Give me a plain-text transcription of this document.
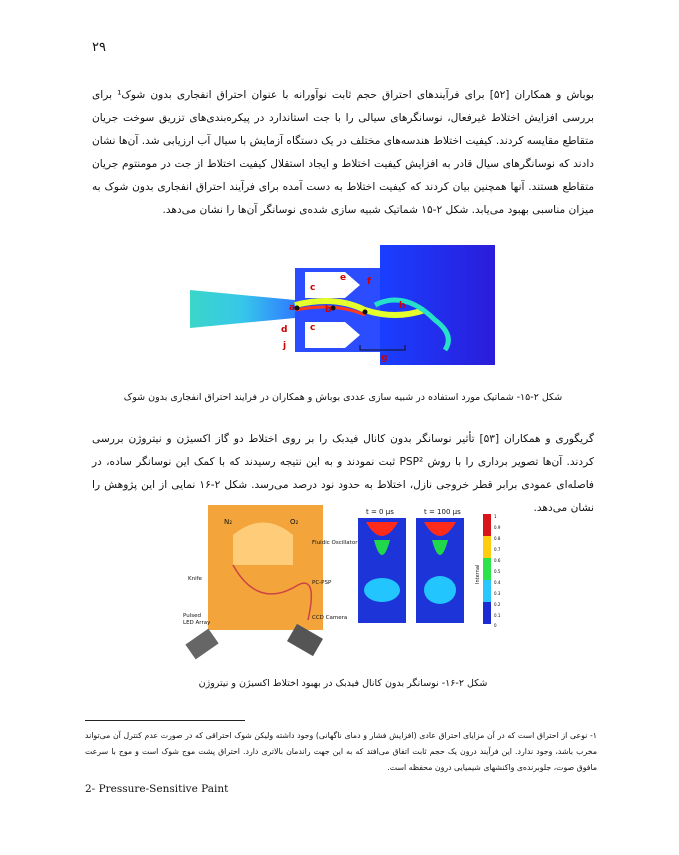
۲۹
بوباش و همکاران [۵۲] برای فرآیندهای احتراق حجم ثابت نوآورانه با عنوان احتراق انفجاری بدون شوک¹ برای بررسی افزایش اختلاط غیرفعال، نوسانگرهای سیالی را با جت استاندارد در پیکره‌بندی‌های تزریق سوخت جریان متقاطع مقایسه کردند. کیفیت اختلاط هندسه‌های مختلف در یک دستگاه آزمایش با سیال آب ارزیابی شد. آن‌ها نشان دادند که نوسانگرهای سیال قادر به افزایش کیفیت اختلاط و ایجاد استقلال کیفیت اختلاط از جت در مومنتوم جریان متقاطع هستند. آنها همچنین بیان کردند که کیفیت اختلاط به دست آمده برای فرآیند احتراق انفجاری بدون شوک به میزان مناسبی بهبود می‌یابد. شکل ۲-۱۵ شماتیک شبیه سازی شده‌ی نوسانگر آن‌ها را نشان می‌دهد.
a	b
c
c
d
e f
g
h
j
شکل ۲-۱۵- شماتیک مورد استفاده در شبیه سازی عددی بوباش و همکاران در فرایند احتراق انفجاری بدون شوک
گریگوری و همکاران [۵۳] تأثیر نوسانگر بدون کانال فیدبک را بر روی اختلاط دو گاز اکسیژن و نیتروژن بررسی کردند. آن‌ها تصویر برداری را با روش PSP² ثبت نمودند و به این نتیجه رسیدند که با کمک این نوسانگر ساده، در فاصله‌ای عمودی برابر قطر خروجی نازل، اختلاط به حدود نود درصد می‌رسد. شکل ۲-۱۶ نمایی از این پژوهش را نشان می‌دهد.
N₂	O₂
Fluidic Oscillator
Knife
PC-PSP
Pulsed
LED Array
CCD Camera
t = 0 µs	t = 100 µs
Internal
1
0.9
0.8
0.7
0.6
0.5
0.4
0.3
0.2
0.1
0
شکل ۲-۱۶- نوسانگر بدون کانال فیدبک در بهبود اختلاط اکسیژن و نیتروژن
۱- نوعی از احتراق است که در آن مزایای احتراق عادی (افزایش فشار و دمای ناگهانی) وجود داشته ولیکن شوک احتراقی که در صورت عدم کنترل آن می‌تواند مخرب باشد، وجود ندارد. این فرآیند درون یک حجم ثابت اتفاق می‌افتد که به این جهت راندمان بالاتری دارد. احتراق پشت موج شوک است و موج با سرعت مافوق صوت، جلوبرنده‌ی واکنشهای شیمیایی درون محفظه است.
2- Pressure-Sensitive Paint
